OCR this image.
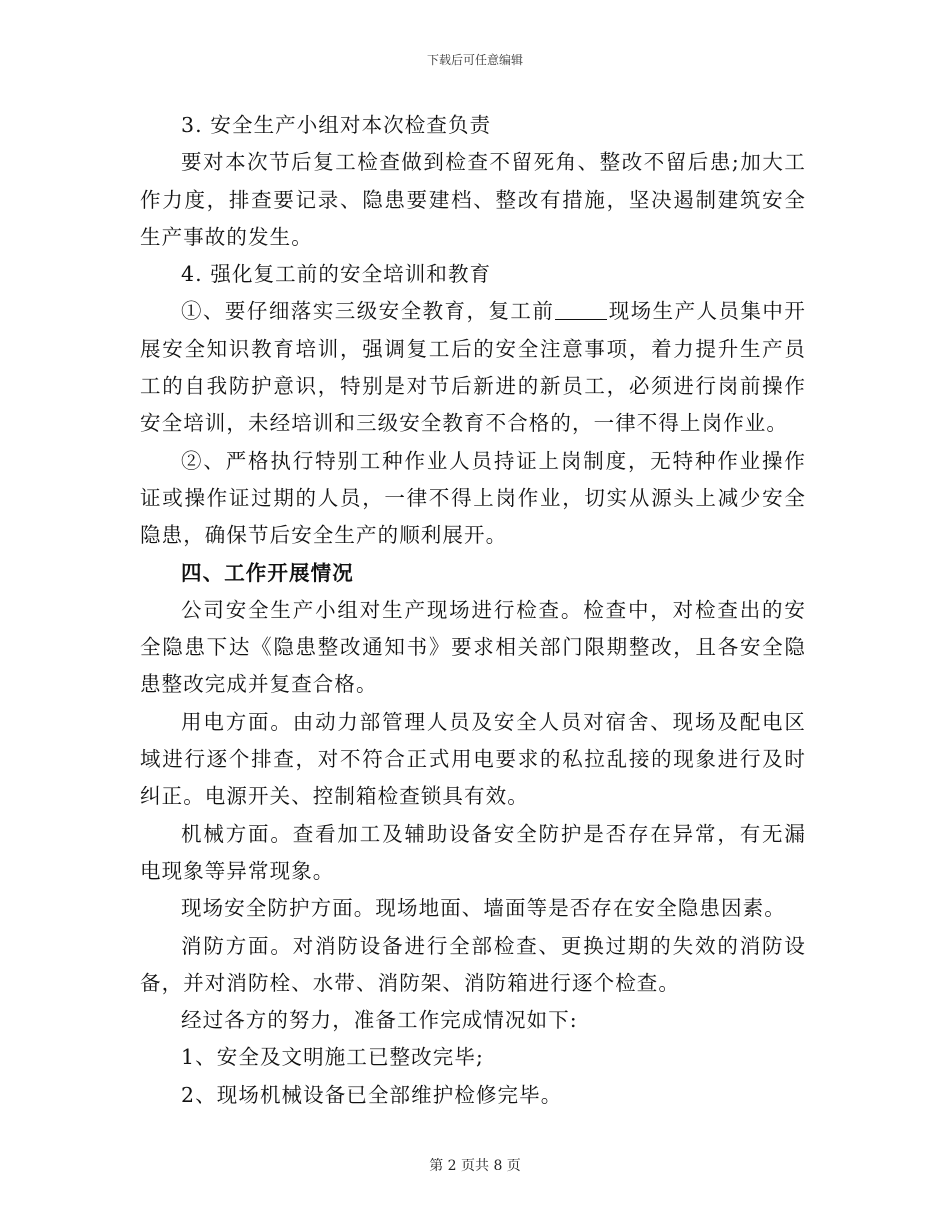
下载后可任意编辑

3. 安全生产小组对本次检查负责

要对本次节后复工检查做到检查不留死角、整改不留后患;加大工作力度，排查要记录、隐患要建档、整改有措施，坚决遏制建筑安全生产事故的发生。

4. 强化复工前的安全培训和教育

①、要仔细落实三级安全教育，复工前	现场生产人员集中开展安全知识教育培训，强调复工后的安全注意事项，着力提升生产员工的自我防护意识，特别是对节后新进的新员工，必须进行岗前操作安全培训，未经培训和三级安全教育不合格的，一律不得上岗作业。

②、严格执行特别工种作业人员持证上岗制度，无特种作业操作证或操作证过期的人员，一律不得上岗作业，切实从源头上减少安全隐患，确保节后安全生产的顺利展开。

四、工作开展情况

公司安全生产小组对生产现场进行检查。检查中，对检查出的安全隐患下达《隐患整改通知书》要求相关部门限期整改，且各安全隐患整改完成并复查合格。

用电方面。由动力部管理人员及安全人员对宿舍、现场及配电区域进行逐个排查，对不符合正式用电要求的私拉乱接的现象进行及时纠正。电源开关、控制箱检查锁具有效。

机械方面。查看加工及辅助设备安全防护是否存在异常，有无漏电现象等异常现象。

现场安全防护方面。现场地面、墙面等是否存在安全隐患因素。

消防方面。对消防设备进行全部检查、更换过期的失效的消防设备，并对消防栓、水带、消防架、消防箱进行逐个检查。

经过各方的努力，准备工作完成情况如下:

1、安全及文明施工已整改完毕;

2、现场机械设备已全部维护检修完毕。

第 2 页共 8 页
